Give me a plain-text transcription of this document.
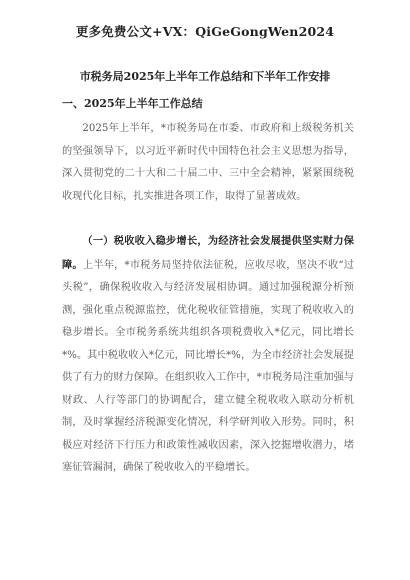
更多免费公文+VX：QiGeGongWen2024
市税务局2025年上半年工作总结和下半年工作安排
一、2025年上半年工作总结

2025年上半年，*市税务局在市委、市政府和上级税务机关的坚强领导下，以习近平新时代中国特色社会主义思想为指导，深入贯彻党的二十大和二十届二中、三中全会精神，紧紧围绕税收现代化目标，扎实推进各项工作，取得了显著成效。

（一）税收收入稳步增长，为经济社会发展提供坚实财力保障。上半年，*市税务局坚持依法征税，应收尽收，坚决不收“过头税”，确保税收收入与经济发展相协调。通过加强税源分析预测，强化重点税源监控，优化税收征管措施，实现了税收收入的稳步增长。全市税务系统共组织各项税费收入*亿元，同比增长*%。其中税收收入*亿元，同比增长*%，为全市经济社会发展提供了有力的财力保障。在组织收入工作中，*市税务局注重加强与财政、人行等部门的协调配合，建立健全税收收入联动分析机制，及时掌握经济税源变化情况，科学研判收入形势。同时，积极应对经济下行压力和政策性减收因素，深入挖掘增收潜力，堵塞征管漏洞，确保了税收收入的平稳增长。
